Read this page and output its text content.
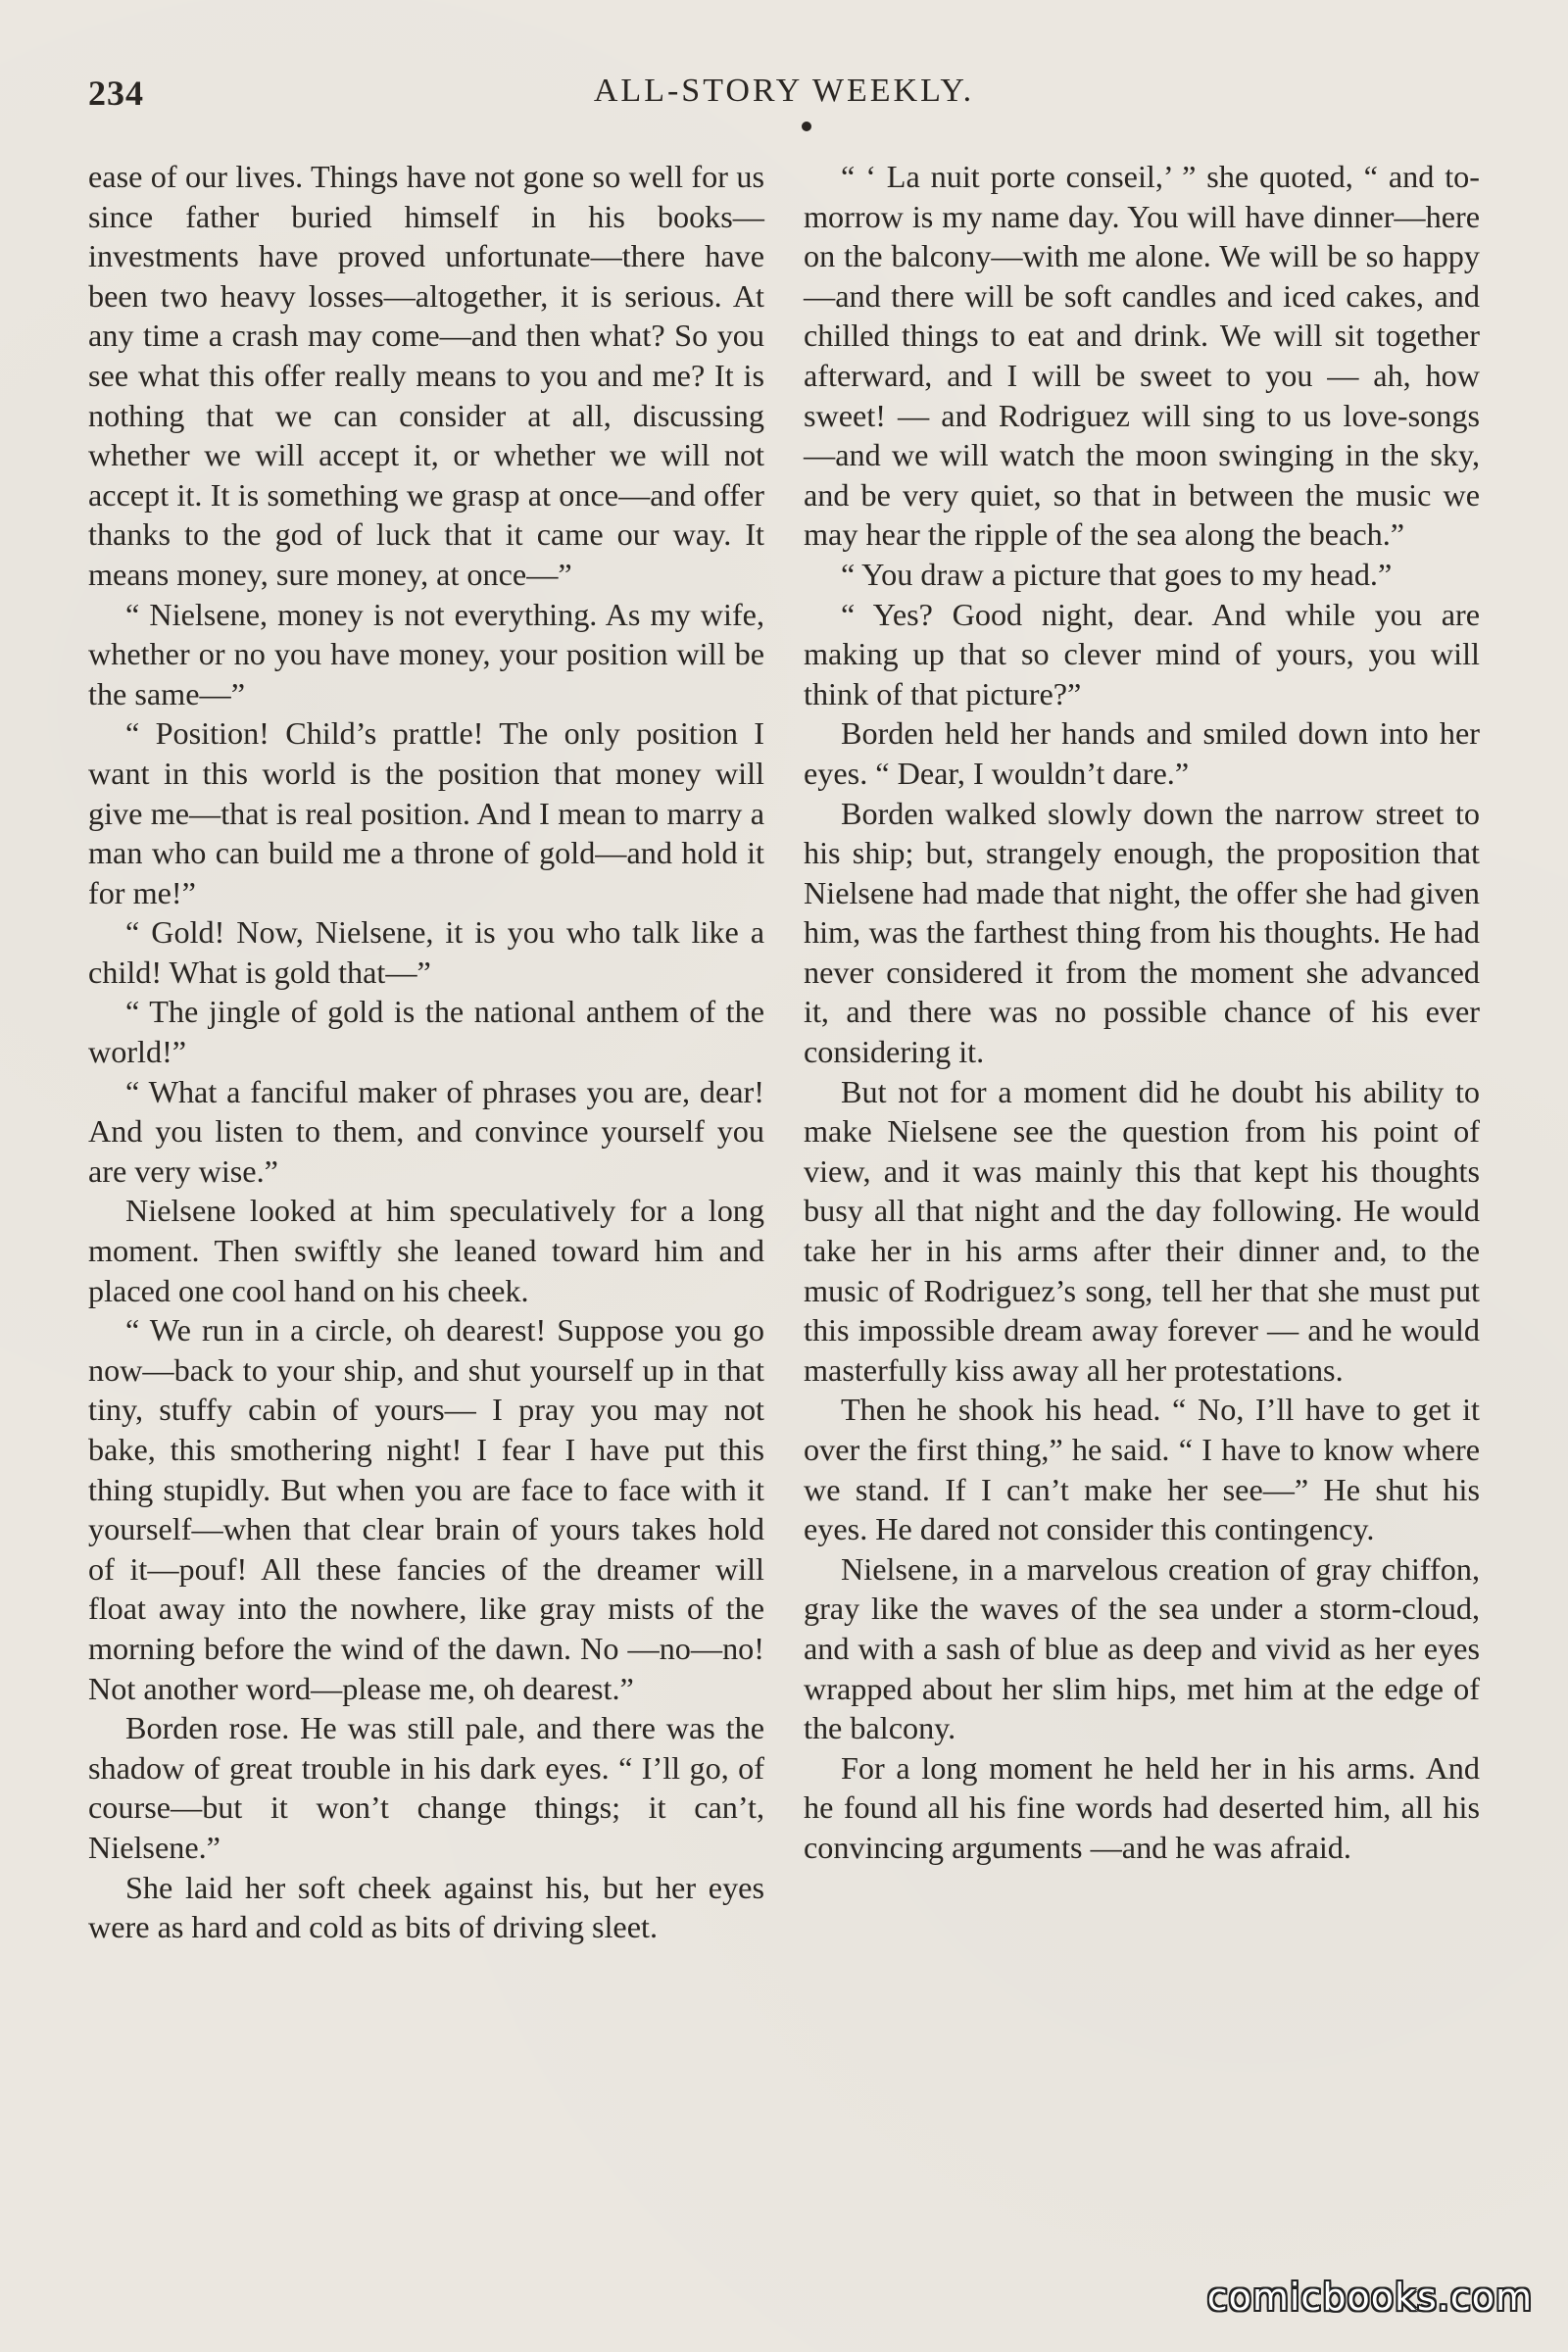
234	ALL-STORY WEEKLY.

ease of our lives. Things have not gone so well for us since father buried himself in his books—investments have proved unfortunate—there have been two heavy losses—altogether, it is serious. At any time a crash may come—and then what? So you see what this offer really means to you and me? It is nothing that we can consider at all, discussing whether we will accept it, or whether we will not accept it. It is something we grasp at once—and offer thanks to the god of luck that it came our way. It means money, sure money, at once—”

“ Nielsene, money is not everything. As my wife, whether or no you have money, your position will be the same—”

“ Position! Child’s prattle! The only position I want in this world is the position that money will give me—that is real position. And I mean to marry a man who can build me a throne of gold—and hold it for me!”

“ Gold! Now, Nielsene, it is you who talk like a child! What is gold that—”

“ The jingle of gold is the national anthem of the world!”

“ What a fanciful maker of phrases you are, dear! And you listen to them, and convince yourself you are very wise.”

Nielsene looked at him speculatively for a long moment. Then swiftly she leaned toward him and placed one cool hand on his cheek.

“ We run in a circle, oh dearest! Suppose you go now—back to your ship, and shut yourself up in that tiny, stuffy cabin of yours— I pray you may not bake, this smothering night! I fear I have put this thing stupidly. But when you are face to face with it yourself—when that clear brain of yours takes hold of it—pouf! All these fancies of the dreamer will float away into the nowhere, like gray mists of the morning before the wind of the dawn. No —no—no! Not another word—please me, oh dearest.”

Borden rose. He was still pale, and there was the shadow of great trouble in his dark eyes. “ I’ll go, of course—but it won’t change things; it can’t, Nielsene.”

She laid her soft cheek against his, but her eyes were as hard and cold as bits of driving sleet.

“ ‘ La nuit porte conseil,’ ” she quoted, “ and to-morrow is my name day. You will have dinner—here on the balcony—with me alone. We will be so happy—and there will be soft candles and iced cakes, and chilled things to eat and drink. We will sit together afterward, and I will be sweet to you — ah, how sweet! — and Rodriguez will sing to us love-songs—and we will watch the moon swinging in the sky, and be very quiet, so that in between the music we may hear the ripple of the sea along the beach.”

“ You draw a picture that goes to my head.”

“ Yes? Good night, dear. And while you are making up that so clever mind of yours, you will think of that picture?”

Borden held her hands and smiled down into her eyes. “ Dear, I wouldn’t dare.”

Borden walked slowly down the narrow street to his ship; but, strangely enough, the proposition that Nielsene had made that night, the offer she had given him, was the farthest thing from his thoughts. He had never considered it from the moment she advanced it, and there was no possible chance of his ever considering it.

But not for a moment did he doubt his ability to make Nielsene see the question from his point of view, and it was mainly this that kept his thoughts busy all that night and the day following. He would take her in his arms after their dinner and, to the music of Rodriguez’s song, tell her that she must put this impossible dream away forever — and he would masterfully kiss away all her protestations.

Then he shook his head. “ No, I’ll have to get it over the first thing,” he said. “ I have to know where we stand. If I can’t make her see—” He shut his eyes. He dared not consider this contingency.

Nielsene, in a marvelous creation of gray chiffon, gray like the waves of the sea under a storm-cloud, and with a sash of blue as deep and vivid as her eyes wrapped about her slim hips, met him at the edge of the balcony.

For a long moment he held her in his arms. And he found all his fine words had deserted him, all his convincing arguments —and he was afraid.

comicbooks.com
